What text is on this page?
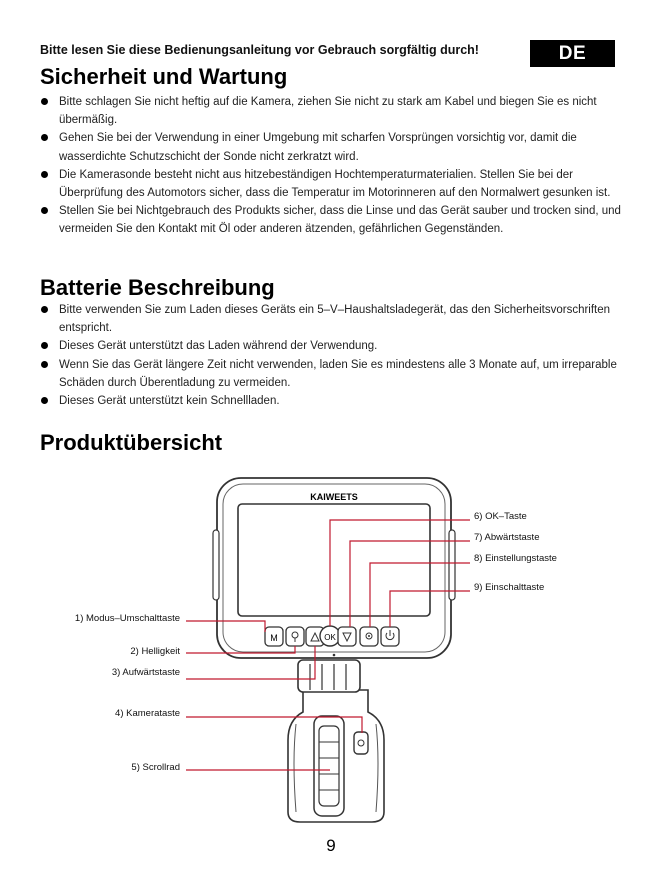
Bitte lesen Sie diese Bedienungsanleitung vor Gebrauch sorgfältig durch!	DE
Sicherheit und Wartung
Bitte schlagen Sie nicht heftig auf die Kamera, ziehen Sie nicht zu stark am Kabel und biegen Sie es nicht übermäßig.
Gehen Sie bei der Verwendung in einer Umgebung mit scharfen Vorsprüngen vorsichtig vor, damit die wasserdichte Schutzschicht der Sonde nicht zerkratzt wird.
Die Kamerasonde besteht nicht aus hitzebeständigen Hochtemperaturmaterialien. Stellen Sie bei der Überprüfung des Automotors sicher, dass die Temperatur im Motorinneren auf den Normalwert gesunken ist.
Stellen Sie bei Nichtgebrauch des Produkts sicher, dass die Linse und das Gerät sauber und trocken sind, und vermeiden Sie den Kontakt mit Öl oder anderen ätzenden, gefährlichen Gegenständen.
Batterie Beschreibung
Bitte verwenden Sie zum Laden dieses Geräts ein 5–V–Haushaltsladegerät, das den Sicherheitsvorschriften entspricht.
Dieses Gerät unterstützt das Laden während der Verwendung.
Wenn Sie das Gerät längere Zeit nicht verwenden, laden Sie es mindestens alle 3 Monate auf, um irreparable Schäden durch Überentladung zu vermeiden.
Dieses Gerät unterstützt kein Schnellladen.
Produktübersicht
KAIWEETS
M	OK
1) Modus–Umschalttaste
2) Helligkeit
3) Aufwärtstaste
4) Kamerataste
5) Scrollrad
6) OK–Taste
7) Abwärtstaste
8) Einstellungstaste
9) Einschalttaste
9
